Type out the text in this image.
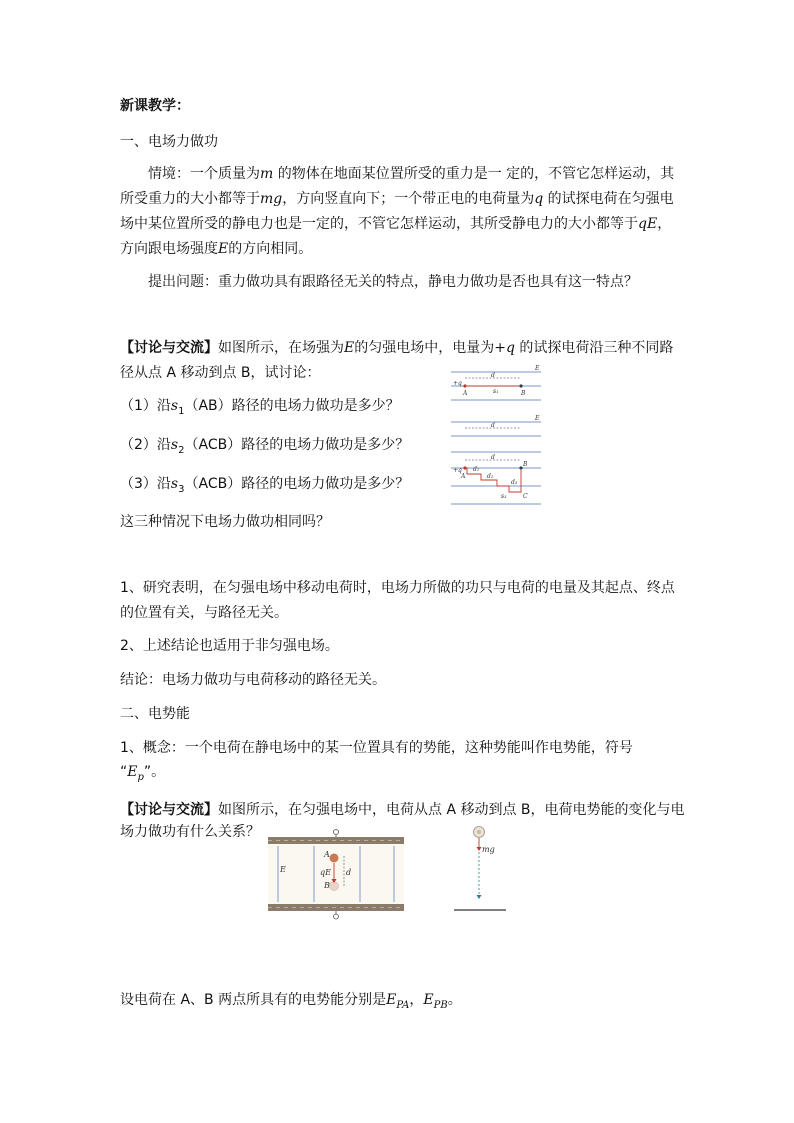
新课教学：
一、电场力做功
情境：一个质量为m 的物体在地面某位置所受的重力是一 定的，不管它怎样运动，其
所受重力的大小都等于mg，方向竖直向下；一个带正电的电荷量为q 的试探电荷在匀强电
场中某位置所受的静电力也是一定的，不管它怎样运动，其所受静电力的大小都等于qE，
方向跟电场强度E的方向相同。
提出问题：重力做功具有跟路径无关的特点，静电力做功是否也具有这一特点？
【讨论与交流】如图所示，在场强为E的匀强电场中，电量为+q 的试探电荷沿三种不同路
径从点 A 移动到点 B，试讨论：
（1）沿$s_1(AB)$路径的电场力做功是多少？
（2）沿$s_2(ACB)$路径的电场力做功是多少？
（3）沿$s_3(ACB)$路径的电场力做功是多少？
这三种情况下电场力做功相同吗？
E
+q
d
A	B
s₁
d
E
d
+q d₁
d₂
d₃
A
B
C
s₃
1、研究表明，在匀强电场中移动电荷时，电场力所做的功只与电荷的电量及其起点、终点
的位置有关，与路径无关。
2、上述结论也适用于非匀强电场。
结论：电场力做功与电荷移动的路径无关。
二、电势能
1、概念：一个电荷在静电场中的某一位置具有的势能，这种势能叫作电势能，符号
“$E_p$”。
【讨论与交流】如图所示，在匀强电场中，电荷从点 A 移动到点 B，电荷电势能的变化与电
场力做功有什么关系？
E
A
B
qE d
mg
设电荷在 A、B 两点所具有的电势能分别是$E_{PA}$，$E_{PB}$。
